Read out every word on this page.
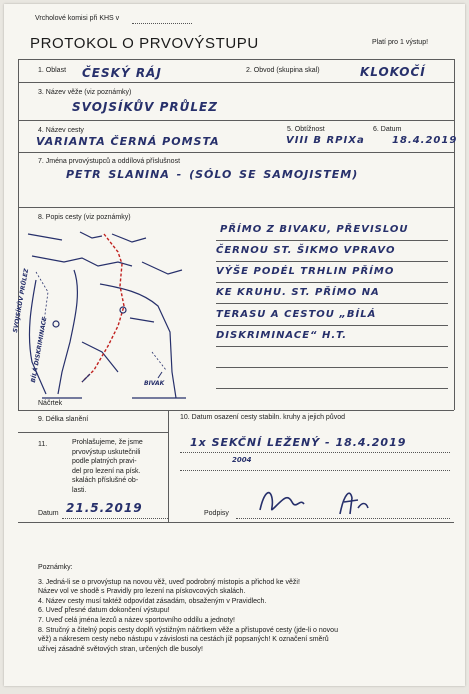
Vrcholové komisi při KHS v
PROTOKOL O PRVOVÝSTUPU	Platí pro 1 výstup!
1. Oblast ČESKÝ RÁJ	2. Obvod (skupina skal)	KLOKOČÍ
3. Název věže (viz poznámky)
SVOJSÍKŮV PRŮLEZ
4. Název cesty
VARIANTA ČERNÁ POMSTA
5. Obtížnost
VIII B RPIXa
6. Datum
18.4.2019
7. Jména prvovýstupců a oddílová příslušnost
PETR SLANINA - (SÓLO SE SAMOJISTEM)
8. Popis cesty (viz poznámky)
SVOJSÍKŮV PRŮLEZ
BÍLÁ DISKRIMINACE
BIVAK
Náčrtek
PŘÍMO Z BIVAKU, PŘEVISLOU
ČERNOU ST. ŠIKMO VPRAVO
VÝŠE PODÉL TRHLIN PŘÍMO
KE KRUHU. ST. PŘÍMO NA
TERASU A CESTOU „BÍLÁ
DISKRIMINACE“ H.T.
9. Délka slanění	10. Datum osazení cesty stabiln. kruhy a jejich původ
1x SEKČNÍ LEŽENÝ - 18.4.2019
2004
11.	Prohlašujeme, že jsme
prvovýstup uskutečnili
podle platných pravi-
del pro lezení na písk.
skalách příslušné ob-
lasti.
Datum 21.5.2019	Podpisy
Poznámky:
3. Jedná-li se o prvovýstup na novou věž, uveď podrobný místopis a přichod ke věži!
Název vol ve shodě s Pravidly pro lezení na pískovcových skalách.
4. Název cesty musí taktéž odpovídat zásadám, obsaženým v Pravidlech.
6. Uveď přesné datum dokončení výstupu!
7. Uveď celá jména lezců a název sportovního oddílu a jednoty!
8. Stručný a čitelný popis cesty doplň výstižným náčrtkem věže a přístupové cesty (jde-li o novou
věž) a nákresem cesty nebo nástupu v závislosti na cestách již popsaných! K označení směrů
užívej zásadně světových stran, určených dle busoly!
